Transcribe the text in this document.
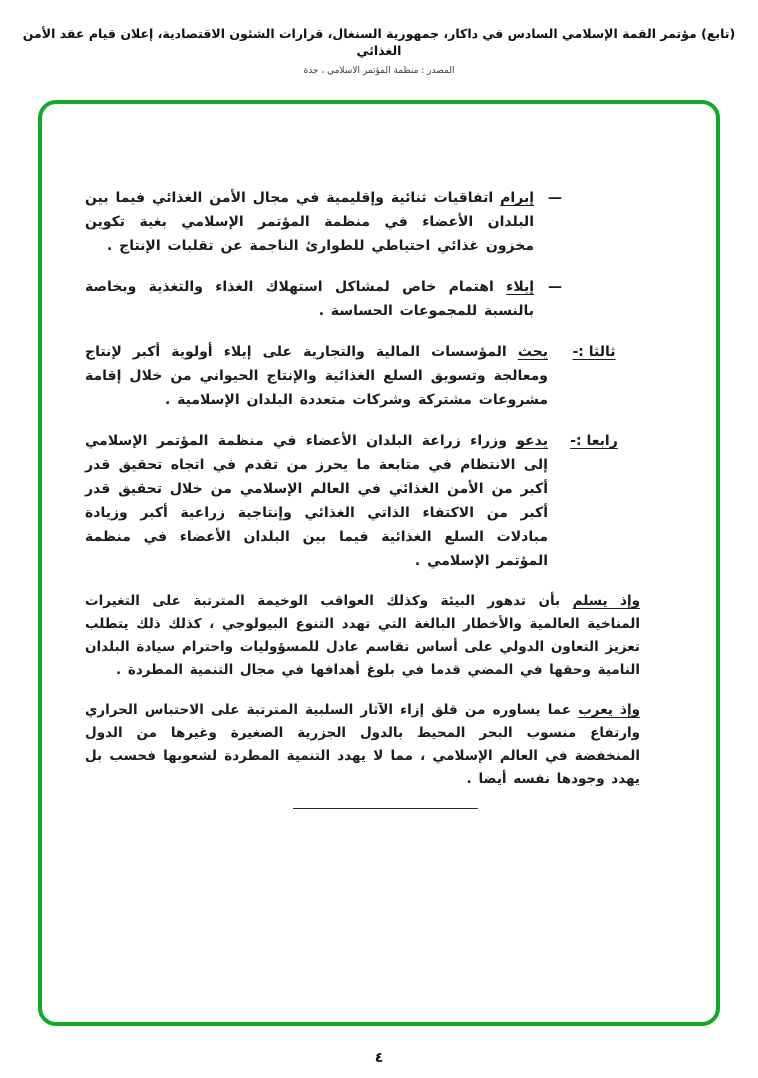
(تابع) مؤتمر القمة الإسلامي السادس في داكار، جمهورية السنغال، قرارات الشئون الاقتصادية، إعلان قيام عقد الأمن الغذائي
المصدر : منظمة المؤتمر الاسلامي ، جدة
—
إبرام اتفاقيات ثنائية وإقليمية في مجال الأمن الغذائي فيما بين البلدان الأعضاء في منظمة المؤتمر الإسلامي بغية تكوين مخزون غذائي احتياطي للطوارئ الناجمة عن تقلبات الإنتاج .
—
إيلاء اهتمام خاص لمشاكل استهلاك الغذاء والتغذية وبخاصة بالنسبة للمجموعات الحساسة .
ثالثا :-
يحث المؤسسات المالية والتجارية على إيلاء أولوية أكبر لإنتاج ومعالجة وتسويق السلع الغذائية والإنتاج الحيواني من خلال إقامة مشروعات مشتركة وشركات متعددة البلدان الإسلامية .
رابعا :-
يدعو وزراء زراعة البلدان الأعضاء في منظمة المؤتمر الإسلامي إلى الانتظام في متابعة ما يحرز من تقدم في اتجاه تحقيق قدر أكبر من الأمن الغذائي في العالم الإسلامي من خلال تحقيق قدر أكبر من الاكتفاء الذاتي الغذائي وإنتاجية زراعية أكبر وزيادة مبادلات السلع الغذائية فيما بين البلدان الأعضاء في منظمة المؤتمر الإسلامي .
وإذ يسلم بأن تدهور البيئة وكذلك العواقب الوخيمة المترتبة على التغيرات المناخية العالمية والأخطار البالغة التي تهدد التنوع البيولوجي ، كذلك ذلك يتطلب تعزيز التعاون الدولي على أساس تقاسم عادل للمسؤوليات واحترام سيادة البلدان النامية وحقها في المضي قدما في بلوغ أهدافها في مجال التنمية المطردة .
وإذ يعرب عما يساوره من قلق إزاء الآثار السلبية المترتبة على الاحتباس الحراري وارتفاع منسوب البحر المحيط بالدول الجزرية الصغيرة وغيرها من الدول المنخفضة في العالم الإسلامي ، مما لا يهدد التنمية المطردة لشعوبها فحسب بل يهدد وجودها نفسه أيضا .
٤
